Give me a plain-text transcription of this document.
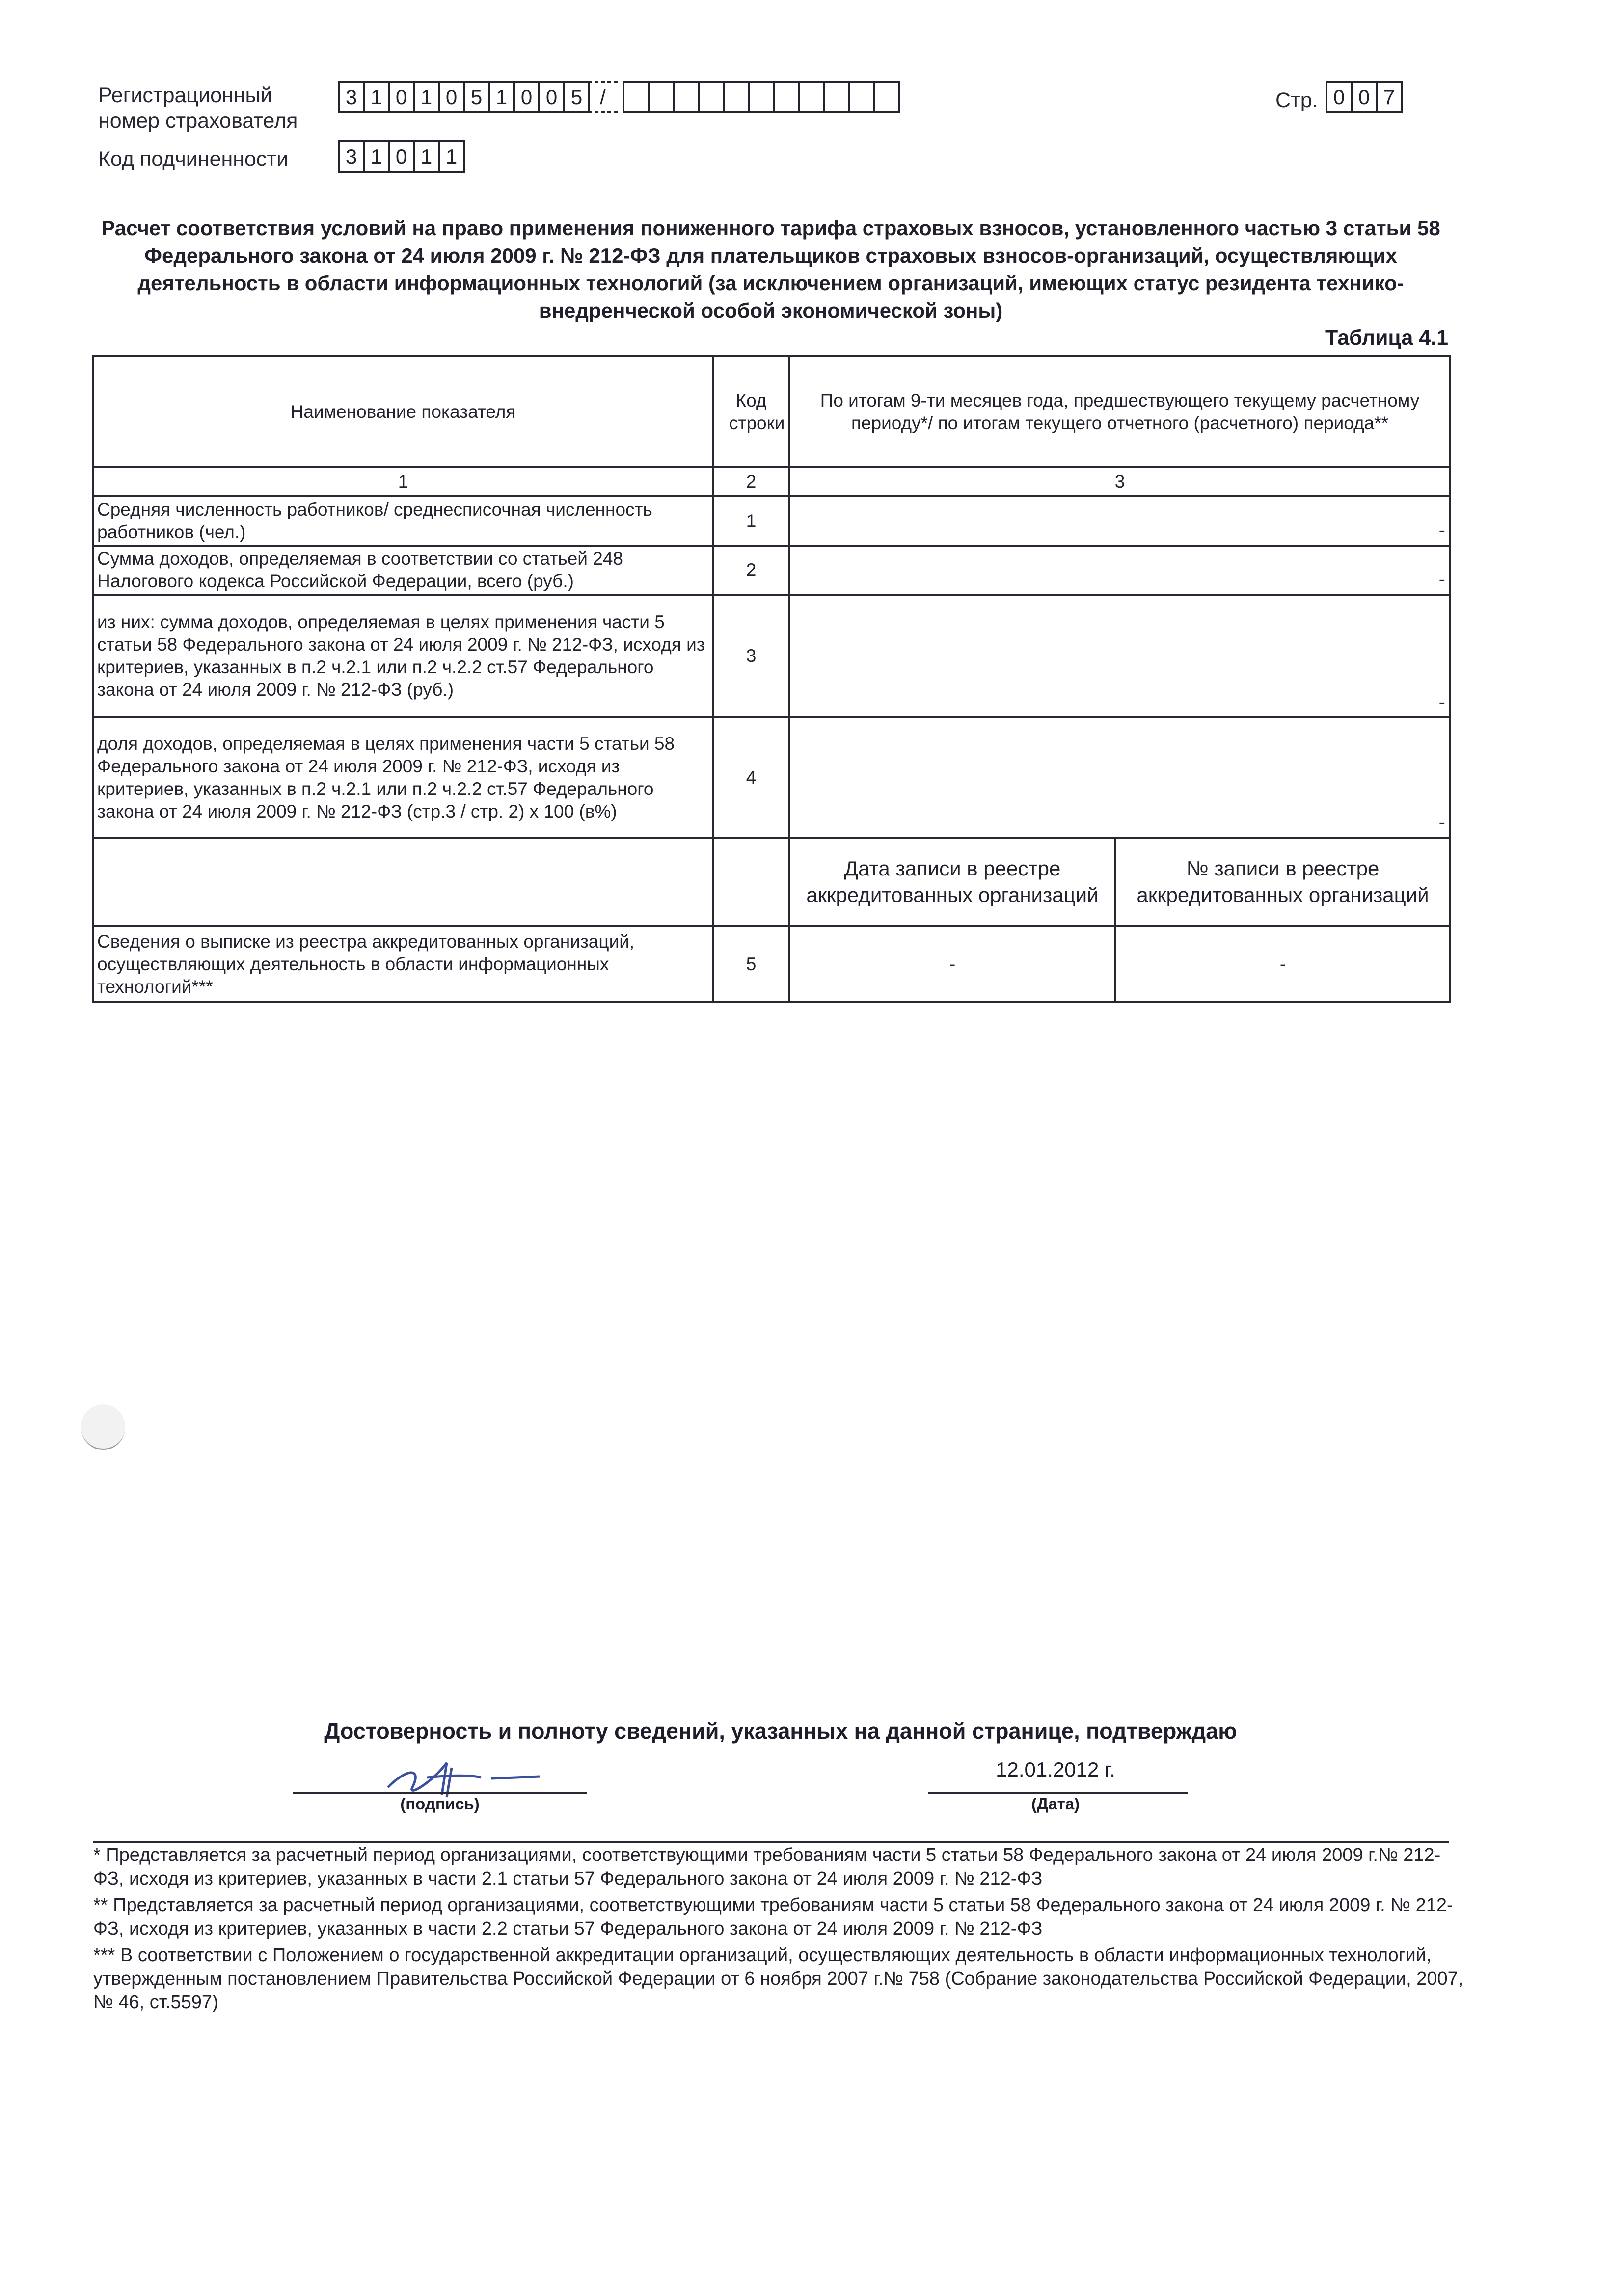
Регистрационный
номер страхователя
3 1 0 1 0 5 1 0 0 5 /
Код подчиненности	3 1 0 1 1
Стр. 0 0 7
Расчет соответствия условий на право применения пониженного тарифа страховых взносов, установленного частью 3 статьи 58 Федерального закона от 24 июля 2009 г. № 212-ФЗ для плательщиков страховых взносов-организаций, осуществляющих деятельность в области информационных технологий (за исключением организаций, имеющих статус резидента технико-внедренческой особой экономической зоны)
Таблица 4.1
Наименование показателя	Код строки	По итогам 9-ти месяцев года, предшествующего текущему расчетному периоду*/ по итогам текущего отчетного (расчетного) периода**	
1	2	3	
Средняя численность работников/ среднесписочная численность работников (чел.)	1	-	

Сумма доходов, определяемая в соответствии со статьей 248 Налогового кодекса Российской Федерации, всего (руб.)	2	-	

из них: сумма доходов, определяемая в целях применения части 5 статьи 58 Федерального закона от 24 июля 2009 г. № 212-ФЗ, исходя из критериев, указанных в п.2 ч.2.1 или п.2 ч.2.2 ст.57 Федерального закона от 24 июля 2009 г. № 212-ФЗ (руб.)	3	-	

доля доходов, определяемая в целях применения части 5 статьи 58 Федерального закона от 24 июля 2009 г. № 212-ФЗ, исходя из критериев, указанных в п.2 ч.2.1 или п.2 ч.2.2 ст.57 Федерального закона от 24 июля 2009 г. № 212-ФЗ (стр.3 / стр. 2) х 100 (в%)	4	-	

		Дата записи в реестре аккредитованных организаций	№ записи в реестре аккредитованных организаций
Сведения о выписке из реестра аккредитованных организаций, осуществляющих деятельность в области информационных технологий***	5	-	-
Достоверность и полноту сведений, указанных на данной странице, подтверждаю
(подпись)
12.01.2012 г.
(Дата)

* Представляется за расчетный период организациями, соответствующими требованиям части 5 статьи 58 Федерального закона от 24 июля 2009 г.№ 212-ФЗ, исходя из критериев, указанных в части 2.1 статьи 57 Федерального закона от 24 июля 2009 г. № 212-ФЗ

** Представляется за расчетный период организациями, соответствующими требованиям части 5 статьи 58 Федерального закона от 24 июля 2009 г. № 212-ФЗ, исходя из критериев, указанных в части 2.2 статьи 57 Федерального закона от 24 июля 2009 г. № 212-ФЗ

*** В соответствии с Положением о государственной аккредитации организаций, осуществляющих деятельность в области информационных технологий, утвержденным постановлением Правительства Российской Федерации от 6 ноября 2007 г.№ 758 (Собрание законодательства Российской Федерации, 2007, № 46, ст.5597)
